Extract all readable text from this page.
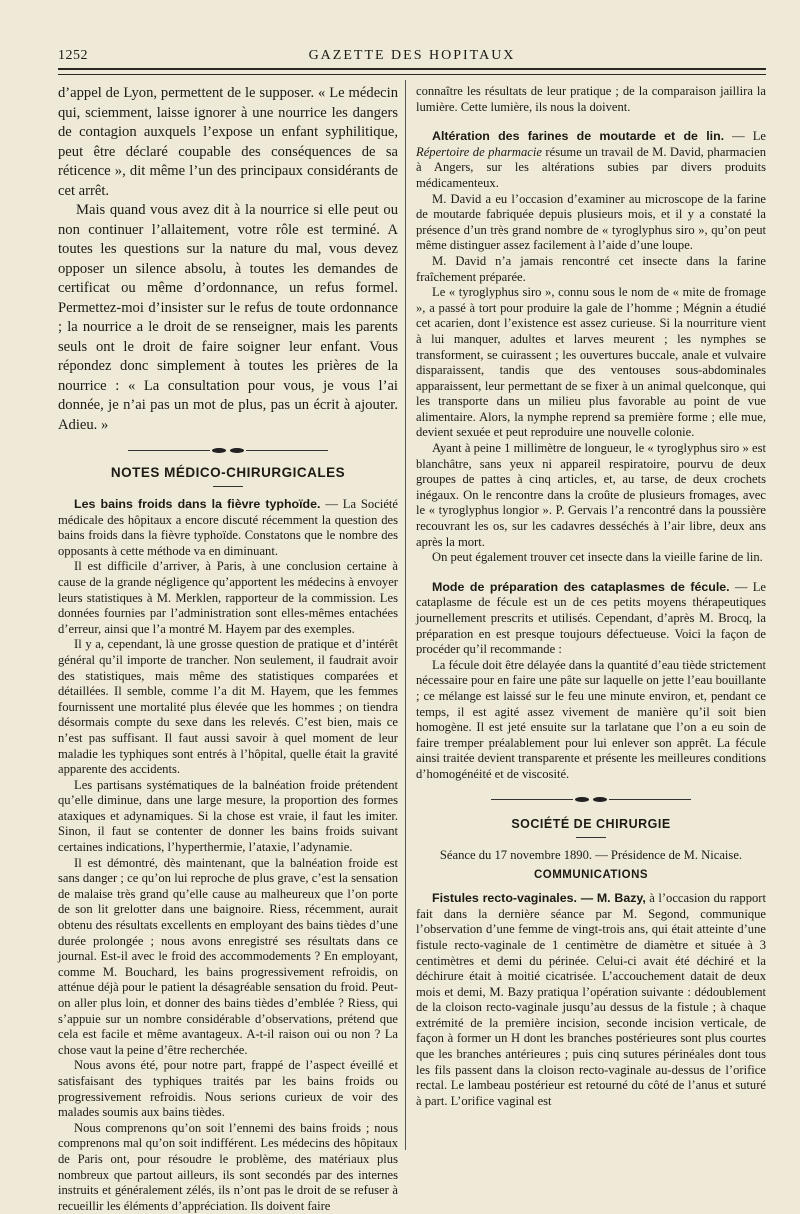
1252	GAZETTE DES HOPITAUX

d’appel de Lyon, permettent de le supposer. « Le médecin qui, sciemment, laisse ignorer à une nourrice les dangers de contagion auxquels l’expose un enfant syphilitique, peut être déclaré coupable des conséquences de sa réticence », dit même l’un des principaux considérants de cet arrêt.

Mais quand vous avez dit à la nourrice si elle peut ou non continuer l’allaitement, votre rôle est terminé. A toutes les questions sur la nature du mal, vous devez opposer un silence absolu, à toutes les demandes de certificat ou même d’ordonnance, un refus formel. Permettez-moi d’insister sur le refus de toute ordonnance ; la nourrice a le droit de se renseigner, mais les parents seuls ont le droit de faire soigner leur enfant. Vous répondez donc simplement à toutes les prières de la nourrice : « La consultation pour vous, je vous l’ai donnée, je n’ai pas un mot de plus, pas un écrit à ajouter. Adieu. »

NOTES MÉDICO-CHIRURGICALES

Les bains froids dans la fièvre typhoïde. — La Société médicale des hôpitaux a encore discuté récemment la question des bains froids dans la fièvre typhoïde. Constatons que le nombre des opposants à cette méthode va en diminuant.

Il est difficile d’arriver, à Paris, à une conclusion certaine à cause de la grande négligence qu’apportent les médecins à envoyer leurs statistiques à M. Merklen, rapporteur de la commission. Les données fournies par l’administration sont elles-mêmes entachées d’erreur, ainsi que l’a montré M. Hayem par des exemples.

Il y a, cependant, là une grosse question de pratique et d’intérêt général qu’il importe de trancher. Non seulement, il faudrait avoir des statistiques, mais même des statistiques comparées et détaillées. Il semble, comme l’a dit M. Hayem, que les femmes fournissent une mortalité plus élevée que les hommes ; on tiendra désormais compte du sexe dans les relevés. C’est bien, mais ce n’est pas suffisant. Il faut aussi savoir à quel moment de leur maladie les typhiques sont entrés à l’hôpital, quelle était la gravité apparente des accidents.

Les partisans systématiques de la balnéation froide prétendent qu’elle diminue, dans une large mesure, la proportion des formes ataxiques et adynamiques. Si la chose est vraie, il faut les imiter. Sinon, il faut se contenter de donner les bains froids suivant certaines indications, l’hyperthermie, l’ataxie, l’adynamie.

Il est démontré, dès maintenant, que la balnéation froide est sans danger ; ce qu’on lui reproche de plus grave, c’est la sensation de malaise très grand qu’elle cause au malheureux que l’on porte de son lit grelotter dans une baignoire. Riess, récemment, aurait obtenu des résultats excellents en employant des bains tièdes d’une durée prolongée ; nous avons enregistré ses résultats dans ce journal. Est-il avec le froid des accommodements ? En employant, comme M. Bouchard, les bains progressivement refroidis, on atténue déjà pour le patient la désagréable sensation du froid. Peut-on aller plus loin, et donner des bains tièdes d’emblée ? Riess, qui s’appuie sur un nombre considérable d’observations, prétend que cela est facile et même avantageux. A-t-il raison oui ou non ? La chose vaut la peine d’être recherchée.

Nous avons été, pour notre part, frappé de l’aspect éveillé et satisfaisant des typhiques traités par les bains froids ou progressivement refroidis. Nous serions curieux de voir des malades soumis aux bains tièdes.

Nous comprenons qu’on soit l’ennemi des bains froids ; nous comprenons mal qu’on soit indifférent. Les médecins des hôpitaux de Paris ont, pour résoudre le problème, des matériaux plus nombreux que partout ailleurs, ils sont secondés par des internes instruits et généralement zélés, ils n’ont pas le droit de se refuser à recueillir les éléments d’appréciation. Ils doivent faire

connaître les résultats de leur pratique ; de la comparaison jaillira la lumière. Cette lumière, ils nous la doivent.

Altération des farines de moutarde et de lin. — Le Répertoire de pharmacie résume un travail de M. David, pharmacien à Angers, sur les altérations subies par divers produits médicamenteux.

M. David a eu l’occasion d’examiner au microscope de la farine de moutarde fabriquée depuis plusieurs mois, et il y a constaté la présence d’un très grand nombre de « tyroglyphus siro », qu’on peut même distinguer assez facilement à l’aide d’une loupe.

M. David n’a jamais rencontré cet insecte dans la farine fraîchement préparée.

Le « tyroglyphus siro », connu sous le nom de « mite de fromage », a passé à tort pour produire la gale de l’homme ; Mégnin a étudié cet acarien, dont l’existence est assez curieuse. Si la nourriture vient à lui manquer, adultes et larves meurent ; les nymphes se transforment, se cuirassent ; les ouvertures buccale, anale et vulvaire disparaissent, tandis que des ventouses sous-abdominales apparaissent, leur permettant de se fixer à un animal quelconque, qui les transporte dans un milieu plus favorable au point de vue alimentaire. Alors, la nymphe reprend sa première forme ; elle mue, devient sexuée et peut reproduire une nouvelle colonie.

Ayant à peine 1 millimètre de longueur, le « tyroglyphus siro » est blanchâtre, sans yeux ni appareil respiratoire, pourvu de deux groupes de pattes à cinq articles, et, au tarse, de deux crochets inégaux. On le rencontre dans la croûte de plusieurs fromages, avec le « tyroglyphus longior ». P. Gervais l’a rencontré dans la poussière recouvrant les os, sur les cadavres desséchés à l’air libre, deux ans après la mort.

On peut également trouver cet insecte dans la vieille farine de lin.

Mode de préparation des cataplasmes de fécule. — Le cataplasme de fécule est un de ces petits moyens thérapeutiques journellement prescrits et utilisés. Cependant, d’après M. Brocq, la préparation en est presque toujours défectueuse. Voici la façon de procéder qu’il recommande :

La fécule doit être délayée dans la quantité d’eau tiède strictement nécessaire pour en faire une pâte sur laquelle on jette l’eau bouillante ; ce mélange est laissé sur le feu une minute environ, et, pendant ce temps, il est agité assez vivement de manière qu’il soit bien homogène. Il est jeté ensuite sur la tarlatane que l’on a eu soin de faire tremper préalablement pour lui enlever son apprêt. La fécule ainsi traitée devient transparente et présente les meilleures conditions d’homogénéité et de viscosité.

SOCIÉTÉ DE CHIRURGIE

Séance du 17 novembre 1890. — Présidence de M. Nicaise.

COMMUNICATIONS

Fistules recto-vaginales. — M. Bazy, à l’occasion du rapport fait dans la dernière séance par M. Segond, communique l’observation d’une femme de vingt-trois ans, qui était atteinte d’une fistule recto-vaginale de 1 centimètre de diamètre et située à 3 centimètres et demi du périnée. Celui-ci avait été déchiré et la déchirure était à moitié cicatrisée. L’accouchement datait de deux mois et demi, M. Bazy pratiqua l’opération suivante : dédoublement de la cloison recto-vaginale jusqu’au dessus de la fistule ; à chaque extrémité de la première incision, seconde incision verticale, de façon à former un H dont les branches postérieures sont plus courtes que les branches antérieures ; puis cinq sutures périnéales dont tous les fils passent dans la cloison recto-vaginale au-dessus de l’orifice rectal. Le lambeau postérieur est retourné du côté de l’anus et suturé à part. L’orifice vaginal est
